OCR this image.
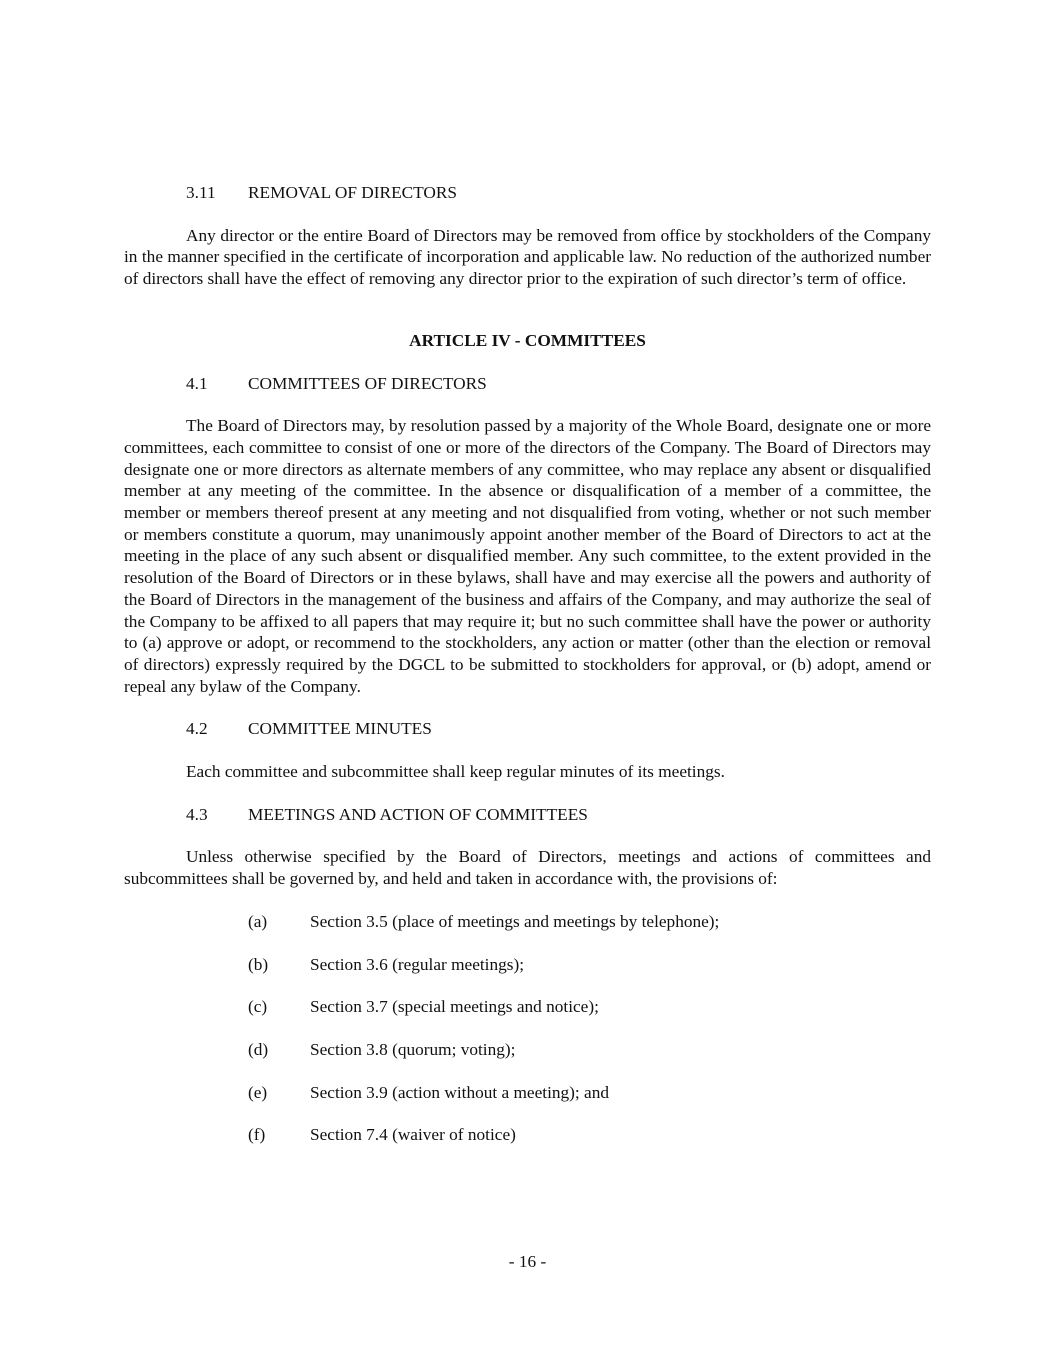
3.11 REMOVAL OF DIRECTORS

Any director or the entire Board of Directors may be removed from office by stockholders of the Company in the manner specified in the certificate of incorporation and applicable law. No reduction of the authorized number of directors shall have the effect of removing any director prior to the expiration of such director’s term of office.

ARTICLE IV - COMMITTEES
4.1 COMMITTEES OF DIRECTORS

The Board of Directors may, by resolution passed by a majority of the Whole Board, designate one or more committees, each committee to consist of one or more of the directors of the Company. The Board of Directors may designate one or more directors as alternate members of any committee, who may replace any absent or disqualified member at any meeting of the committee. In the absence or disqualification of a member of a committee, the member or members thereof present at any meeting and not disqualified from voting, whether or not such member or members constitute a quorum, may unanimously appoint another member of the Board of Directors to act at the meeting in the place of any such absent or disqualified member. Any such committee, to the extent provided in the resolution of the Board of Directors or in these bylaws, shall have and may exercise all the powers and authority of the Board of Directors in the management of the business and affairs of the Company, and may authorize the seal of the Company to be affixed to all papers that may require it; but no such committee shall have the power or authority to (a) approve or adopt, or recommend to the stockholders, any action or matter (other than the election or removal of directors) expressly required by the DGCL to be submitted to stockholders for approval, or (b) adopt, amend or repeal any bylaw of the Company.

4.2 COMMITTEE MINUTES

Each committee and subcommittee shall keep regular minutes of its meetings.

4.3 MEETINGS AND ACTION OF COMMITTEES

Unless otherwise specified by the Board of Directors, meetings and actions of committees and subcommittees shall be governed by, and held and taken in accordance with, the provisions of:

(a) Section 3.5 (place of meetings and meetings by telephone);
(b) Section 3.6 (regular meetings);
(c) Section 3.7 (special meetings and notice);
(d) Section 3.8 (quorum; voting);
(e) Section 3.9 (action without a meeting); and
(f)	Section 7.4 (waiver of notice)
- 16 -
